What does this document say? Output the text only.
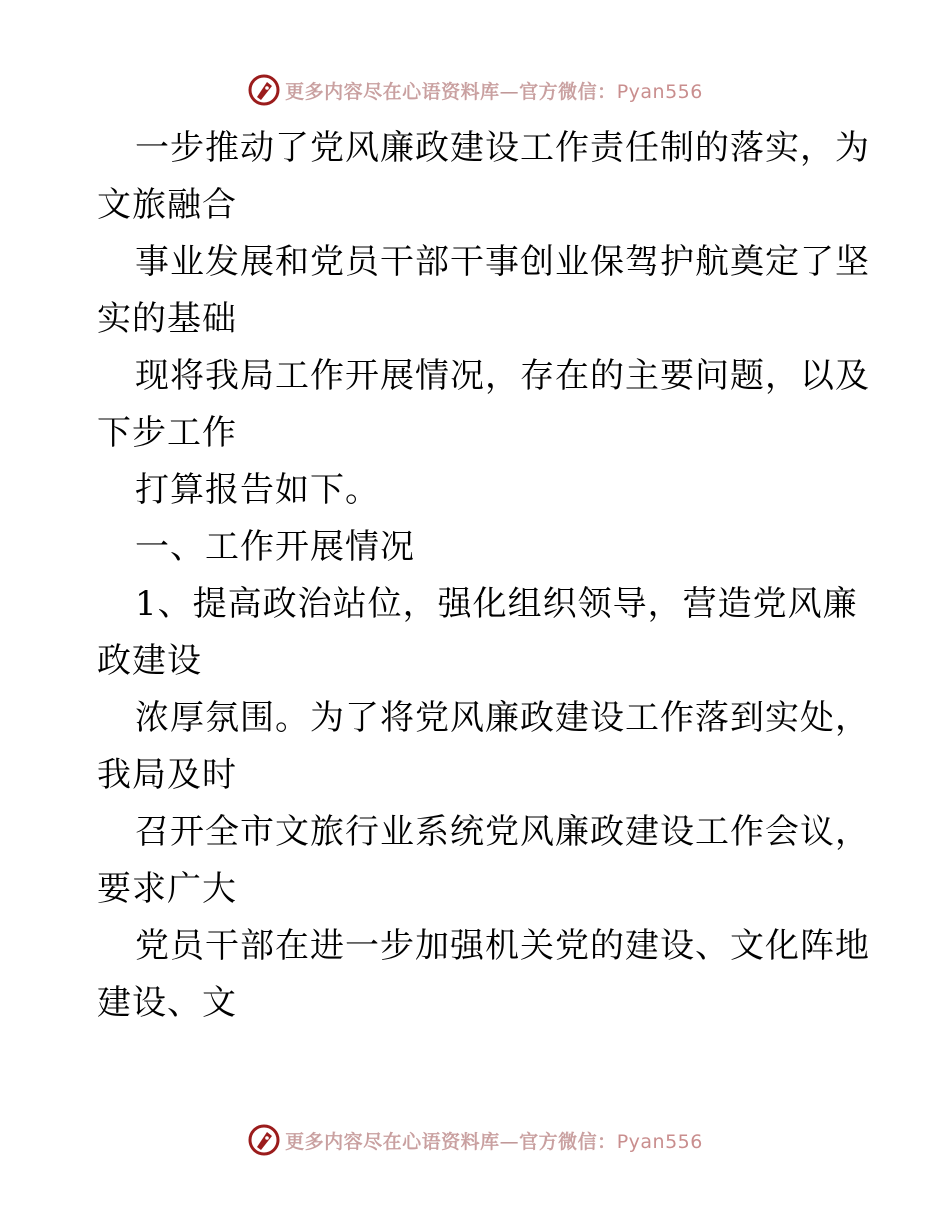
更多内容尽在心语资料库—官方微信：Pyan556
一步推动了党风廉政建设工作责任制的落实，为
文旅融合
事业发展和党员干部干事创业保驾护航奠定了坚
实的基础
现将我局工作开展情况，存在的主要问题，以及
下步工作
打算报告如下。
一、工作开展情况
1、提高政治站位，强化组织领导，营造党风廉
政建设
浓厚氛围。为了将党风廉政建设工作落到实处，
我局及时
召开全市文旅行业系统党风廉政建设工作会议，
要求广大
党员干部在进一步加强机关党的建设、文化阵地
建设、文
更多内容尽在心语资料库—官方微信：Pyan556
